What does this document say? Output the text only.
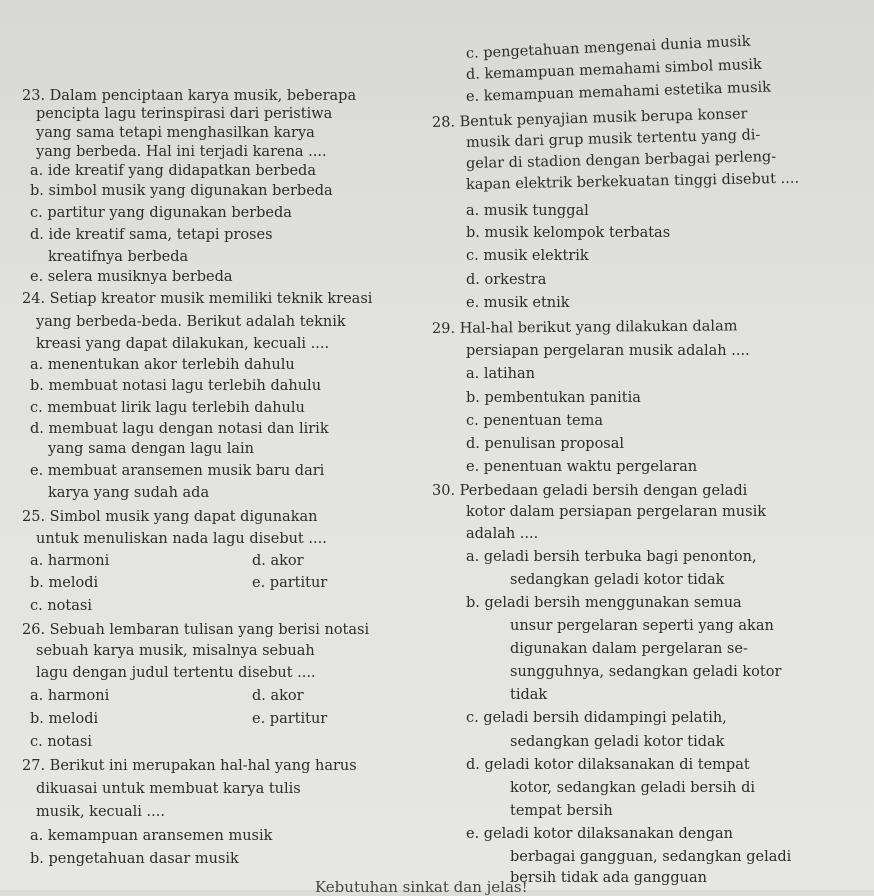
23. Dalam penciptaan karya musik, beberapa
pencipta lagu terinspirasi dari peristiwa
yang sama tetapi menghasilkan karya
yang berbeda. Hal ini terjadi karena ....
a. ide kreatif yang didapatkan berbeda
b. simbol musik yang digunakan berbeda
c. partitur yang digunakan berbeda
d. ide kreatif sama, tetapi proses
kreatifnya berbeda
e. selera musiknya berbeda
24. Setiap kreator musik memiliki teknik kreasi
yang berbeda-beda. Berikut adalah teknik
kreasi yang dapat dilakukan, kecuali ....
a. menentukan akor terlebih dahulu
b. membuat notasi lagu terlebih dahulu
c. membuat lirik lagu terlebih dahulu
d. membuat lagu dengan notasi dan lirik
yang sama dengan lagu lain
e. membuat aransemen musik baru dari
karya yang sudah ada
25. Simbol musik yang dapat digunakan
untuk menuliskan nada lagu disebut ....
a. harmoni	d. akor
b. melodi	e. partitur
c. notasi
26. Sebuah lembaran tulisan yang berisi notasi
sebuah karya musik, misalnya sebuah
lagu dengan judul tertentu disebut ....
a. harmoni	d. akor
b. melodi	e. partitur
c. notasi
27. Berikut ini merupakan hal-hal yang harus
dikuasai untuk membuat karya tulis
musik, kecuali ....
a. kemampuan aransemen musik
b. pengetahuan dasar musik
c. pengetahuan mengenai dunia musik
d. kemampuan memahami simbol musik
e. kemampuan memahami estetika musik
28. Bentuk penyajian musik berupa konser
musik dari grup musik tertentu yang di-
gelar di stadion dengan berbagai perleng-
kapan elektrik berkekuatan tinggi disebut ....
a. musik tunggal
b. musik kelompok terbatas
c. musik elektrik
d. orkestra
e. musik etnik
29. Hal-hal berikut yang dilakukan dalam
persiapan pergelaran musik adalah ....
a. latihan
b. pembentukan panitia
c. penentuan tema
d. penulisan proposal
e. penentuan waktu pergelaran
30. Perbedaan geladi bersih dengan geladi
kotor dalam persiapan pergelaran musik
adalah ....
a. geladi bersih terbuka bagi penonton,
sedangkan geladi kotor tidak
b. geladi bersih menggunakan semua
unsur pergelaran seperti yang akan
digunakan dalam pergelaran se-
sungguhnya, sedangkan geladi kotor
tidak
c. geladi bersih didampingi pelatih,
sedangkan geladi kotor tidak
d. geladi kotor dilaksanakan di tempat
kotor, sedangkan geladi bersih di
tempat bersih
e. geladi kotor dilaksanakan dengan
berbagai gangguan, sedangkan geladi
bersih tidak ada gangguan
Kebutuhan sinkat dan jelas!
